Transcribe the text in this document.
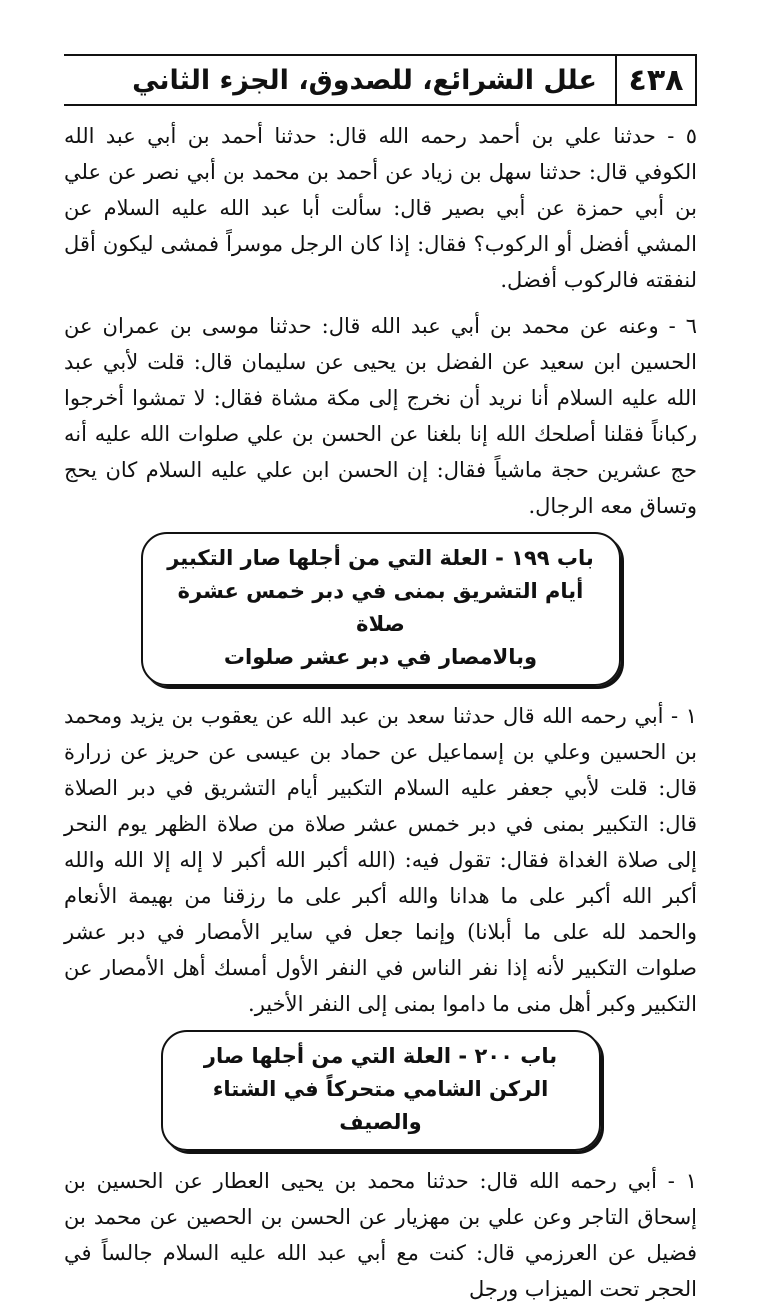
٤٣٨
علل الشرائع، للصدوق، الجزء الثاني

٥ - حدثنا علي بن أحمد رحمه الله قال: حدثنا أحمد بن أبي عبد الله الكوفي قال: حدثنا سهل بن زياد عن أحمد بن محمد بن أبي نصر عن علي بن أبي حمزة عن أبي بصير قال: سألت أبا عبد الله عليه السلام عن المشي أفضل أو الركوب؟ فقال: إذا كان الرجل موسراً فمشى ليكون أقل لنفقته فالركوب أفضل.

٦ - وعنه عن محمد بن أبي عبد الله قال: حدثنا موسى بن عمران عن الحسين ابن سعيد عن الفضل بن يحيى عن سليمان قال: قلت لأبي عبد الله عليه السلام أنا نريد أن نخرج إلى مكة مشاة فقال: لا تمشوا أخرجوا ركباناً فقلنا أصلحك الله إنا بلغنا عن الحسن بن علي صلوات الله عليه أنه حج عشرين حجة ماشياً فقال: إن الحسن ابن علي عليه السلام كان يحج وتساق معه الرجال.

باب ١٩٩ - العلة التي من أجلها صار التكبير
أيام التشريق بمنى في دبر خمس عشرة صلاة
وبالامصار في دبر عشر صلوات

١ - أبي رحمه الله قال حدثنا سعد بن عبد الله عن يعقوب بن يزيد ومحمد بن الحسين وعلي بن إسماعيل عن حماد بن عيسى عن حريز عن زرارة قال: قلت لأبي جعفر عليه السلام التكبير أيام التشريق في دبر الصلاة قال: التكبير بمنى في دبر خمس عشر صلاة من صلاة الظهر يوم النحر إلى صلاة الغداة فقال: تقول فيه: (الله أكبر الله أكبر لا إله إلا الله والله أكبر الله أكبر على ما هدانا والله أكبر على ما رزقنا من بهيمة الأنعام والحمد لله على ما أبلانا) وإنما جعل في ساير الأمصار في دبر عشر صلوات التكبير لأنه إذا نفر الناس في النفر الأول أمسك أهل الأمصار عن التكبير وكبر أهل منى ما داموا بمنى إلى النفر الأخير.

باب ٢٠٠ - العلة التي من أجلها صار
الركن الشامي متحركاً في الشتاء والصيف

١ - أبي رحمه الله قال: حدثنا محمد بن يحيى العطار عن الحسين بن إسحاق التاجر وعن علي بن مهزيار عن الحسن بن الحصين عن محمد بن فضيل عن العرزمي قال: كنت مع أبي عبد الله عليه السلام جالساً في الحجر تحت الميزاب ورجل
